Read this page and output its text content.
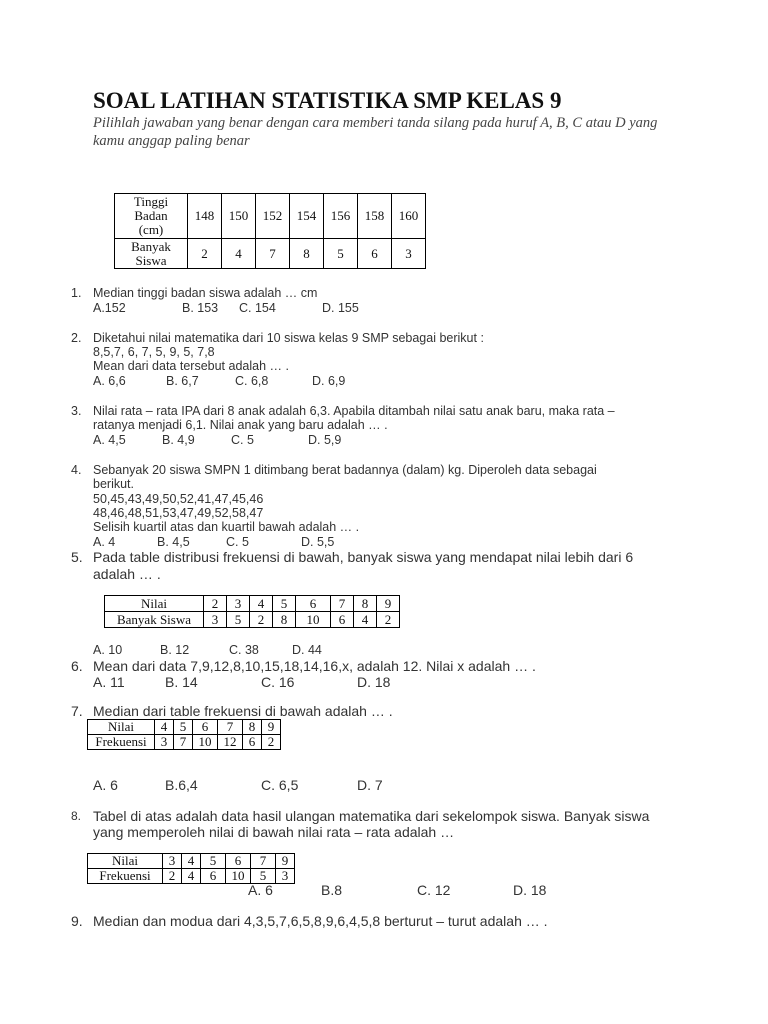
SOAL LATIHAN STATISTIKA SMP KELAS 9
Pilihlah jawaban yang benar dengan cara memberi tanda silang pada huruf A, B, C atau D yang kamu anggap paling benar
Tinggi
Badan
(cm)	148	150	152	154	156	158	160
Banyak
Siswa	2	4	7	8	5	6	3
1. Median tinggi badan siswa adalah … cm
A.152	B. 153 C. 154	D. 155
2. Diketahui nilai matematika dari 10 siswa kelas 9 SMP sebagai berikut :
8,5,7, 6, 7, 5, 9, 5, 7,8
Mean dari data tersebut adalah … .
A. 6,6	B. 6,7	C. 6,8	D. 6,9
3. Nilai rata – rata IPA dari 8 anak adalah 6,3. Apabila ditambah nilai satu anak baru, maka rata –
ratanya menjadi 6,1. Nilai anak yang baru adalah … .
A. 4,5	B. 4,9	C. 5	D. 5,9
4. Sebanyak 20 siswa SMPN 1 ditimbang berat badannya (dalam) kg. Diperoleh data sebagai
berikut.
50,45,43,49,50,52,41,47,45,46
48,46,48,51,53,47,49,52,58,47
Selisih kuartil atas dan kuartil bawah adalah … .
A. 4	B. 4,5	C. 5	D. 5,5
5. Pada table distribusi frekuensi di bawah, banyak siswa yang mendapat nilai lebih dari 6
adalah … .
Nilai	2	3	4	5	6	7	8	9
Banyak Siswa	3	5	2	8	10	6	4	2
A. 10	B. 12	C. 38	D. 44
6. Mean dari data 7,9,12,8,10,15,18,14,16,x, adalah 12. Nilai x adalah … .
A. 11	B. 14	C. 16	D. 18
7. Median dari table frekuensi di bawah adalah … .
Nilai	4	5	6	7	8	9
Frekuensi	3	7	10	12	6	2
A. 6	B.6,4	C. 6,5	D. 7
8. Tabel di atas adalah data hasil ulangan matematika dari sekelompok siswa. Banyak siswa
yang memperoleh nilai di bawah nilai rata – rata adalah …
Nilai	3	4	5	6	7	9
Frekuensi	2	4	6	10	5	3
A. 6	B.8	C. 12	D. 18
9. Median dan modua dari 4,3,5,7,6,5,8,9,6,4,5,8 berturut – turut adalah … .
